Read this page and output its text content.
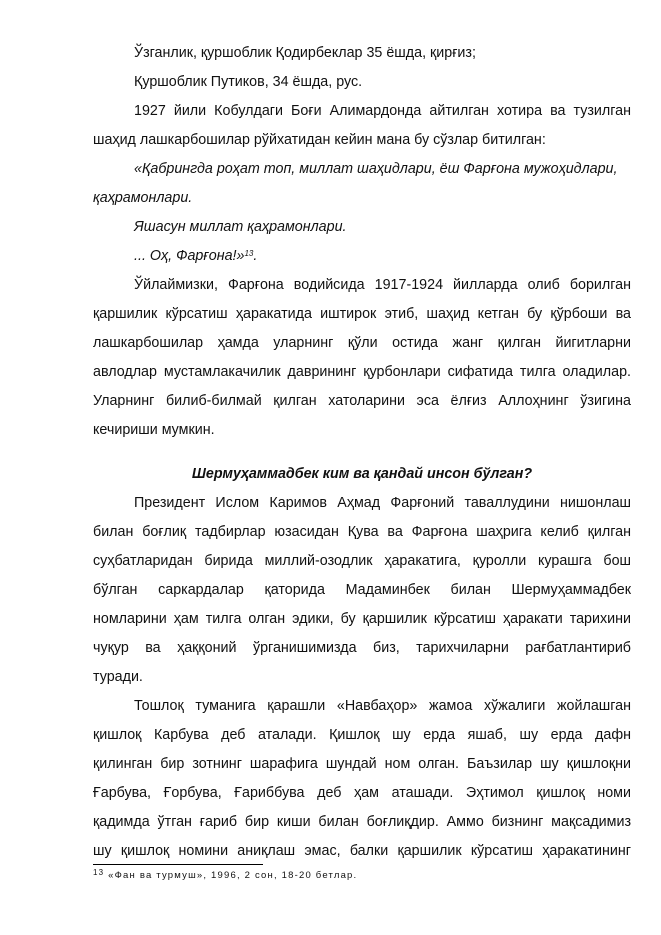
Ўзганлик, қуршоблик Қодирбеклар 35 ёшда, қирғиз;
Қуршоблик Путиков, 34 ёшда, рус.
1927 йили Кобулдаги Боғи Алимардонда айтилган хотира ва тузилган
шаҳид лашкарбошилар рўйхатидан кейин мана бу сўзлар битилган:
«Қабрингда роҳат топ, миллат шаҳидлари, ёш Фарғона мужоҳидлари,
қаҳрамонлари.
Яшасун миллат қаҳрамонлари.
... Оҳ, Фарғона!»$^{13}$.
Ўйлаймизки, Фарғона водийсида 1917-1924 йилларда олиб борилган
қаршилик кўрсатиш ҳаракатида иштирок этиб, шаҳид кетган бу қўрбоши ва
лашкарбошилар ҳамда уларнинг қўли остида жанг қилган йигитларни
авлодлар мустамлакачилик даврининг қурбонлари сифатида тилга оладилар.
Уларнинг билиб-билмай қилган хатоларини эса ёлғиз Аллоҳнинг ўзигина
кечириши мумкин.
Шермуҳаммадбек ким ва қандай инсон бўлган?
Президент Ислом Каримов Аҳмад Фарғоний таваллудини нишонлаш
билан боғлиқ тадбирлар юзасидан Қува ва Фарғона шаҳрига келиб қилган
суҳбатларидан бирида миллий-озодлик ҳаракатига, қуролли курашга бош
бўлган саркардалар қаторида Мадаминбек билан Шермуҳаммадбек
номларини ҳам тилга олган эдики, бу қаршилик кўрсатиш ҳаракати тарихини
чуқур ва ҳаққоний ўрганишимизда биз, тарихчиларни рағбатлантириб
туради.
Тошлоқ туманига қарашли «Навбаҳор» жамоа хўжалиги жойлашган
қишлоқ Карбува деб аталади. Қишлоқ шу ерда яшаб, шу ерда дафн
қилинган бир зотнинг шарафига шундай ном олган. Баъзилар шу қишлоқни
Ғарбува, Ғорбува, Ғариббува деб ҳам аташади. Эҳтимол қишлоқ номи
қадимда ўтган ғариб бир киши билан боғлиқдир. Аммо бизнинг мақсадимиз
шу қишлоқ номини аниқлаш эмас, балки қаршилик кўрсатиш ҳаракатининг
$^{13}$ «Фан ва турмуш», 1996, 2 сон, 18-20 бетлар.
